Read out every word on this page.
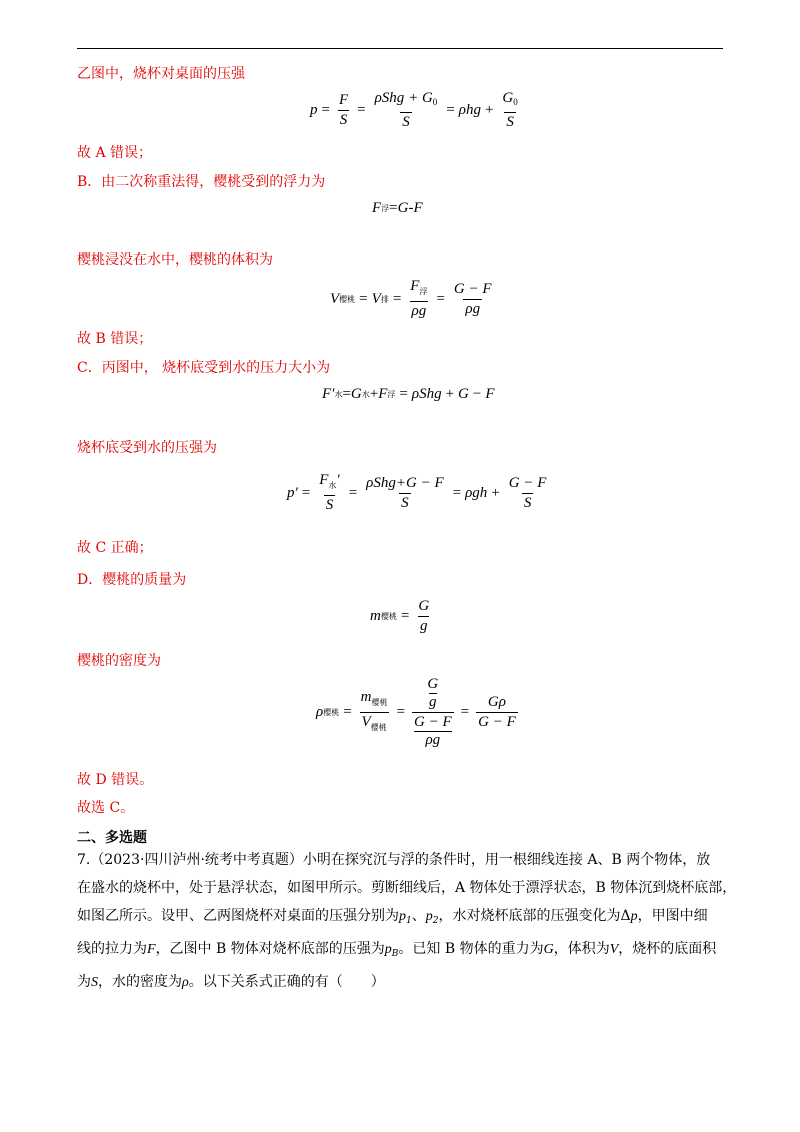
乙图中，烧杯对桌面的压强
$p = \frac{F}{S} = \frac{\rho Shg + G_0}{S} = \rho hg + \frac{G_0}{S}$
故 A 错误；
B．由二次称重法得，樱桃受到的浮力为
F 浮 = G - F
樱桃浸没在水中，樱桃的体积为
V 樱桃 = V 排 = $\frac{F_浮}{\rho g} = \frac{G - F}{\rho g}$
故 B 错误；
C．丙图中， 烧杯底受到水的压力大小为
F′ 水 = G 水 + F 浮 = ρShg + G − F
烧杯底受到水的压强为
$p' = \frac{F_水'}{S} = \frac{\text{ρShg+G − F}}{S} = \rho gh + \frac{G - F}{S}$
故 C 正确；
D．樱桃的质量为
m 樱桃 = $\frac{G}{g}$
樱桃的密度为
ρ 樱桃 = $\frac{m_{樱桃}}{V_{樱桃}} = G$
g
G − F
$\rho g = \frac{G\rho}{G - F}$
故 D 错误。
故选 C。
二、多选题
7.（2023·四川泸州·统考中考真题）小明在探究沉与浮的条件时，用一根细线连接 A、B 两个物体，放
在盛水的烧杯中，处于悬浮状态，如图甲所示。剪断细线后，A 物体处于漂浮状态，B 物体沉到烧杯底部，
如图乙所示。设甲、乙两图烧杯对桌面的压强分别为$p_1$、$p_2$，水对烧杯底部的压强变化为Δp，甲图中细
线的拉力为F，乙图中 B 物体对烧杯底部的压强为$p_B$。已知 B 物体的重力为G，体积为V，烧杯的底面积
为S，水的密度为ρ。以下关系式正确的有（　　）
